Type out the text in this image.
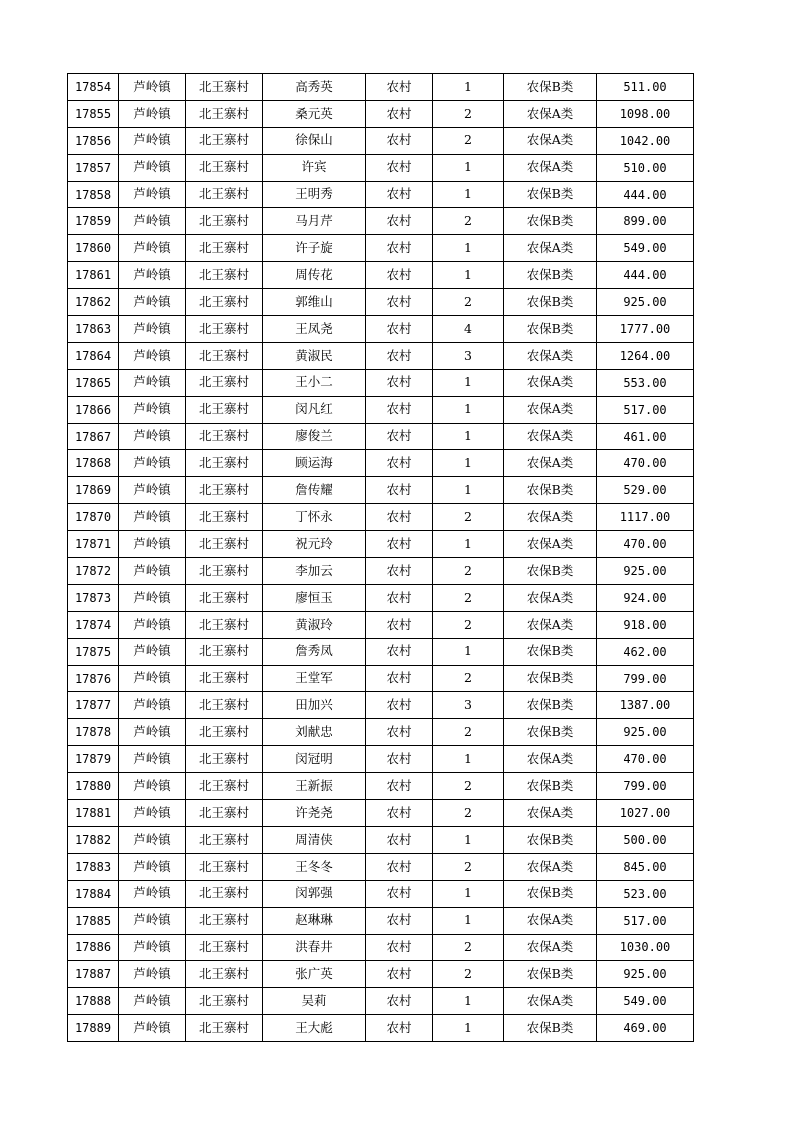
17854	芦岭镇	北王寨村	高秀英	农村	1	农保B类	511.00
17855	芦岭镇	北王寨村	桑元英	农村	2	农保A类	1098.00
17856	芦岭镇	北王寨村	徐保山	农村	2	农保A类	1042.00
17857	芦岭镇	北王寨村	许宾	农村	1	农保A类	510.00
17858	芦岭镇	北王寨村	王明秀	农村	1	农保B类	444.00
17859	芦岭镇	北王寨村	马月芹	农村	2	农保B类	899.00
17860	芦岭镇	北王寨村	许子旋	农村	1	农保A类	549.00
17861	芦岭镇	北王寨村	周传花	农村	1	农保B类	444.00
17862	芦岭镇	北王寨村	郭维山	农村	2	农保B类	925.00
17863	芦岭镇	北王寨村	王凤尧	农村	4	农保B类	1777.00
17864	芦岭镇	北王寨村	黄淑民	农村	3	农保A类	1264.00
17865	芦岭镇	北王寨村	王小二	农村	1	农保A类	553.00
17866	芦岭镇	北王寨村	闵凡红	农村	1	农保A类	517.00
17867	芦岭镇	北王寨村	廖俊兰	农村	1	农保A类	461.00
17868	芦岭镇	北王寨村	顾运海	农村	1	农保A类	470.00
17869	芦岭镇	北王寨村	詹传耀	农村	1	农保B类	529.00
17870	芦岭镇	北王寨村	丁怀永	农村	2	农保A类	1117.00
17871	芦岭镇	北王寨村	祝元玲	农村	1	农保A类	470.00
17872	芦岭镇	北王寨村	李加云	农村	2	农保B类	925.00
17873	芦岭镇	北王寨村	廖恒玉	农村	2	农保A类	924.00
17874	芦岭镇	北王寨村	黄淑玲	农村	2	农保A类	918.00
17875	芦岭镇	北王寨村	詹秀凤	农村	1	农保B类	462.00
17876	芦岭镇	北王寨村	王堂军	农村	2	农保B类	799.00
17877	芦岭镇	北王寨村	田加兴	农村	3	农保B类	1387.00
17878	芦岭镇	北王寨村	刘献忠	农村	2	农保B类	925.00
17879	芦岭镇	北王寨村	闵冠明	农村	1	农保A类	470.00
17880	芦岭镇	北王寨村	王新振	农村	2	农保B类	799.00
17881	芦岭镇	北王寨村	许尧尧	农村	2	农保A类	1027.00
17882	芦岭镇	北王寨村	周清侠	农村	1	农保B类	500.00
17883	芦岭镇	北王寨村	王冬冬	农村	2	农保A类	845.00
17884	芦岭镇	北王寨村	闵郭强	农村	1	农保B类	523.00
17885	芦岭镇	北王寨村	赵琳琳	农村	1	农保A类	517.00
17886	芦岭镇	北王寨村	洪春井	农村	2	农保A类	1030.00
17887	芦岭镇	北王寨村	张广英	农村	2	农保B类	925.00
17888	芦岭镇	北王寨村	吴莉	农村	1	农保A类	549.00
17889	芦岭镇	北王寨村	王大彪	农村	1	农保B类	469.00
